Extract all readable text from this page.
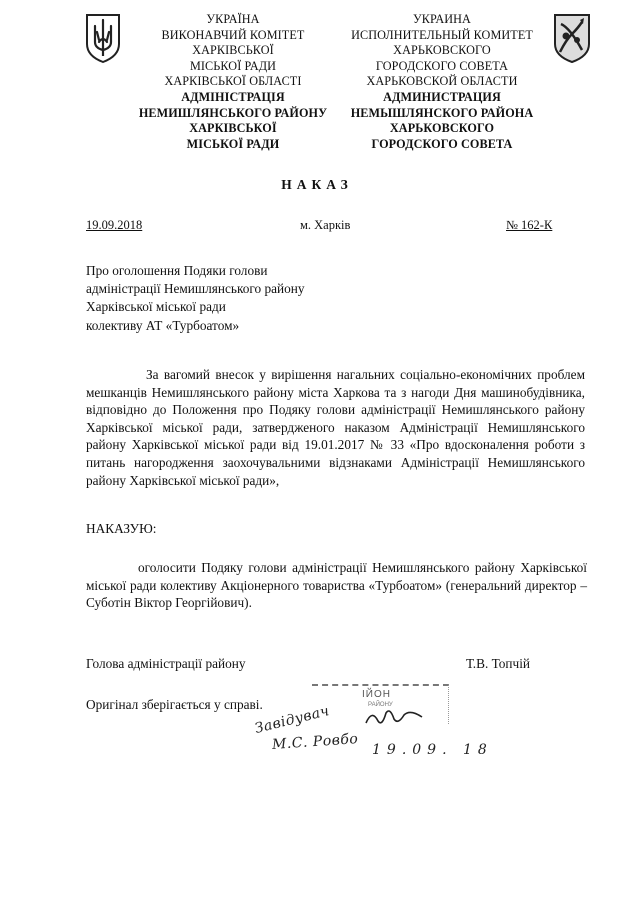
УКРАЇНА
ВИКОНАВЧИЙ КОМІТЕТ
ХАРКІВСЬКОЇ
МІСЬКОЇ РАДИ
ХАРКІВСЬКОЇ ОБЛАСТІ
АДМІНІСТРАЦІЯ
НЕМИШЛЯНСЬКОГО РАЙОНУ
ХАРКІВСЬКОЇ
МІСЬКОЇ РАДИ
УКРАИНА
ИСПОЛНИТЕЛЬНЫЙ КОМИТЕТ
ХАРЬКОВСКОГО
ГОРОДСКОГО СОВЕТА
ХАРЬКОВСКОЙ ОБЛАСТИ
АДМИНИСТРАЦИЯ
НЕМЫШЛЯНСКОГО РАЙОНА
ХАРЬКОВСКОГО
ГОРОДСКОГО СОВЕТА
НАКАЗ
19.09.2018	м. Харків	№ 162-К
Про оголошення Подяки голови
адміністрації Немишлянського району
Харківської міської ради
колективу АТ «Турбоатом»
За вагомий внесок у вирішення нагальних соціально-економічних проблем мешканців Немишлянського району міста Харкова та з нагоди Дня машинобудівника, відповідно до Положення про Подяку голови адміністрації Немишлянського району Харківської міської ради, затвердженого наказом Адміністрації Немишлянського району Харківської міської ради від 19.01.2017 № 33 «Про вдосконалення роботи з питань нагородження заохочувальними відзнаками Адміністрації Немишлянського району Харківської міської ради»,
НАКАЗУЮ:
оголосити Подяку голови адміністрації Немишлянського району Харківської міської ради колективу Акціонерного товариства «Турбоатом» (генеральний директор – Суботін Віктор Георгійович).
Голова адміністрації району	Т.В. Топчій
Оригінал зберігається у справі.
ІЙОН
РАЙОНУ
Завідувач
М.С. Ровбо 19.09. 18
